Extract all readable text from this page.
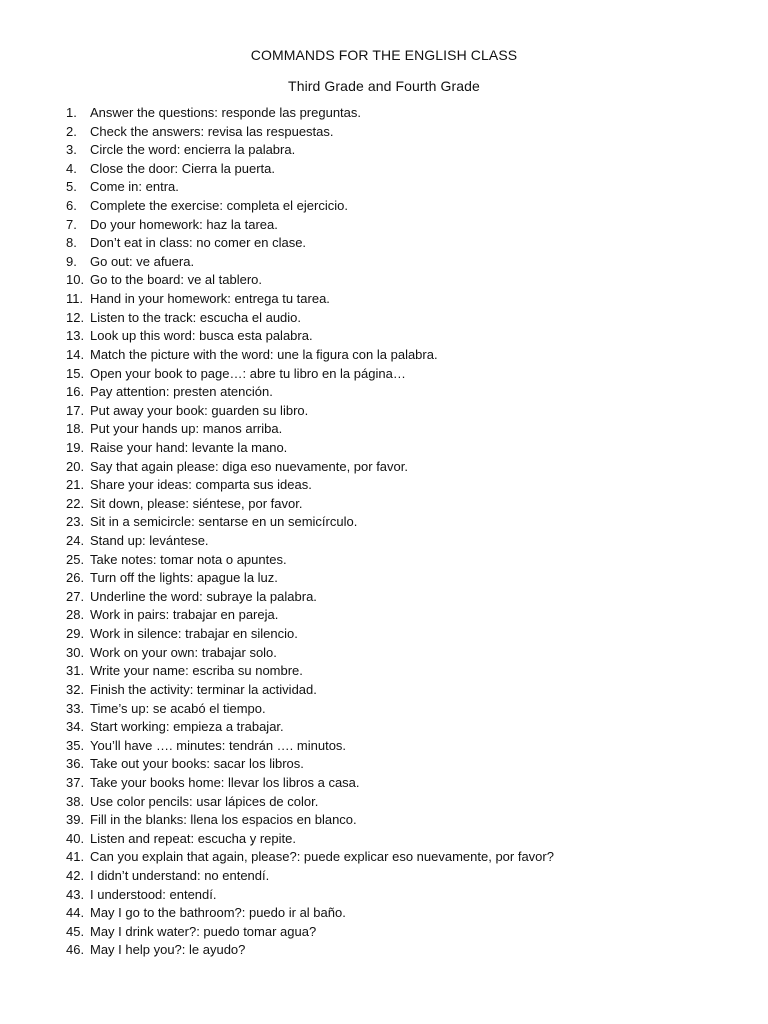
COMMANDS FOR THE ENGLISH CLASS

Third Grade and Fourth Grade

1. Answer the questions: responde las preguntas.
2. Check the answers: revisa las respuestas.
3. Circle the word: encierra la palabra.
4. Close the door: Cierra la puerta.
5. Come in: entra.
6. Complete the exercise: completa el ejercicio.
7. Do your homework: haz la tarea.
8. Don’t eat in class: no comer en clase.
9. Go out: ve afuera.
10. Go to the board: ve al tablero.
11. Hand in your homework: entrega tu tarea.
12. Listen to the track: escucha el audio.
13. Look up this word: busca esta palabra.
14. Match the picture with the word: une la figura con la palabra.
15. Open your book to page…: abre tu libro en la página…
16. Pay attention: presten atención.
17. Put away your book: guarden su libro.
18. Put your hands up: manos arriba.
19. Raise your hand: levante la mano.
20. Say that again please: diga eso nuevamente, por favor.
21. Share your ideas: comparta sus ideas.
22. Sit down, please: siéntese, por favor.
23. Sit in a semicircle: sentarse en un semicírculo.
24. Stand up: levántese.
25. Take notes: tomar nota o apuntes.
26. Turn off the lights: apague la luz.
27. Underline the word: subraye la palabra.
28. Work in pairs: trabajar en pareja.
29. Work in silence: trabajar en silencio.
30. Work on your own: trabajar solo.
31. Write your name: escriba su nombre.
32. Finish the activity: terminar la actividad.
33. Time’s up: se acabó el tiempo.
34. Start working: empieza a trabajar.
35. You’ll have …. minutes: tendrán …. minutos.
36. Take out your books: sacar los libros.
37. Take your books home: llevar los libros a casa.
38. Use color pencils: usar lápices de color.
39. Fill in the blanks: llena los espacios en blanco.
40. Listen and repeat: escucha y repite.
41. Can you explain that again, please?: puede explicar eso nuevamente, por favor?
42. I didn’t understand: no entendí.
43. I understood: entendí.
44. May I go to the bathroom?: puedo ir al baño.
45. May I drink water?: puedo tomar agua?
46. May I help you?: le ayudo?
